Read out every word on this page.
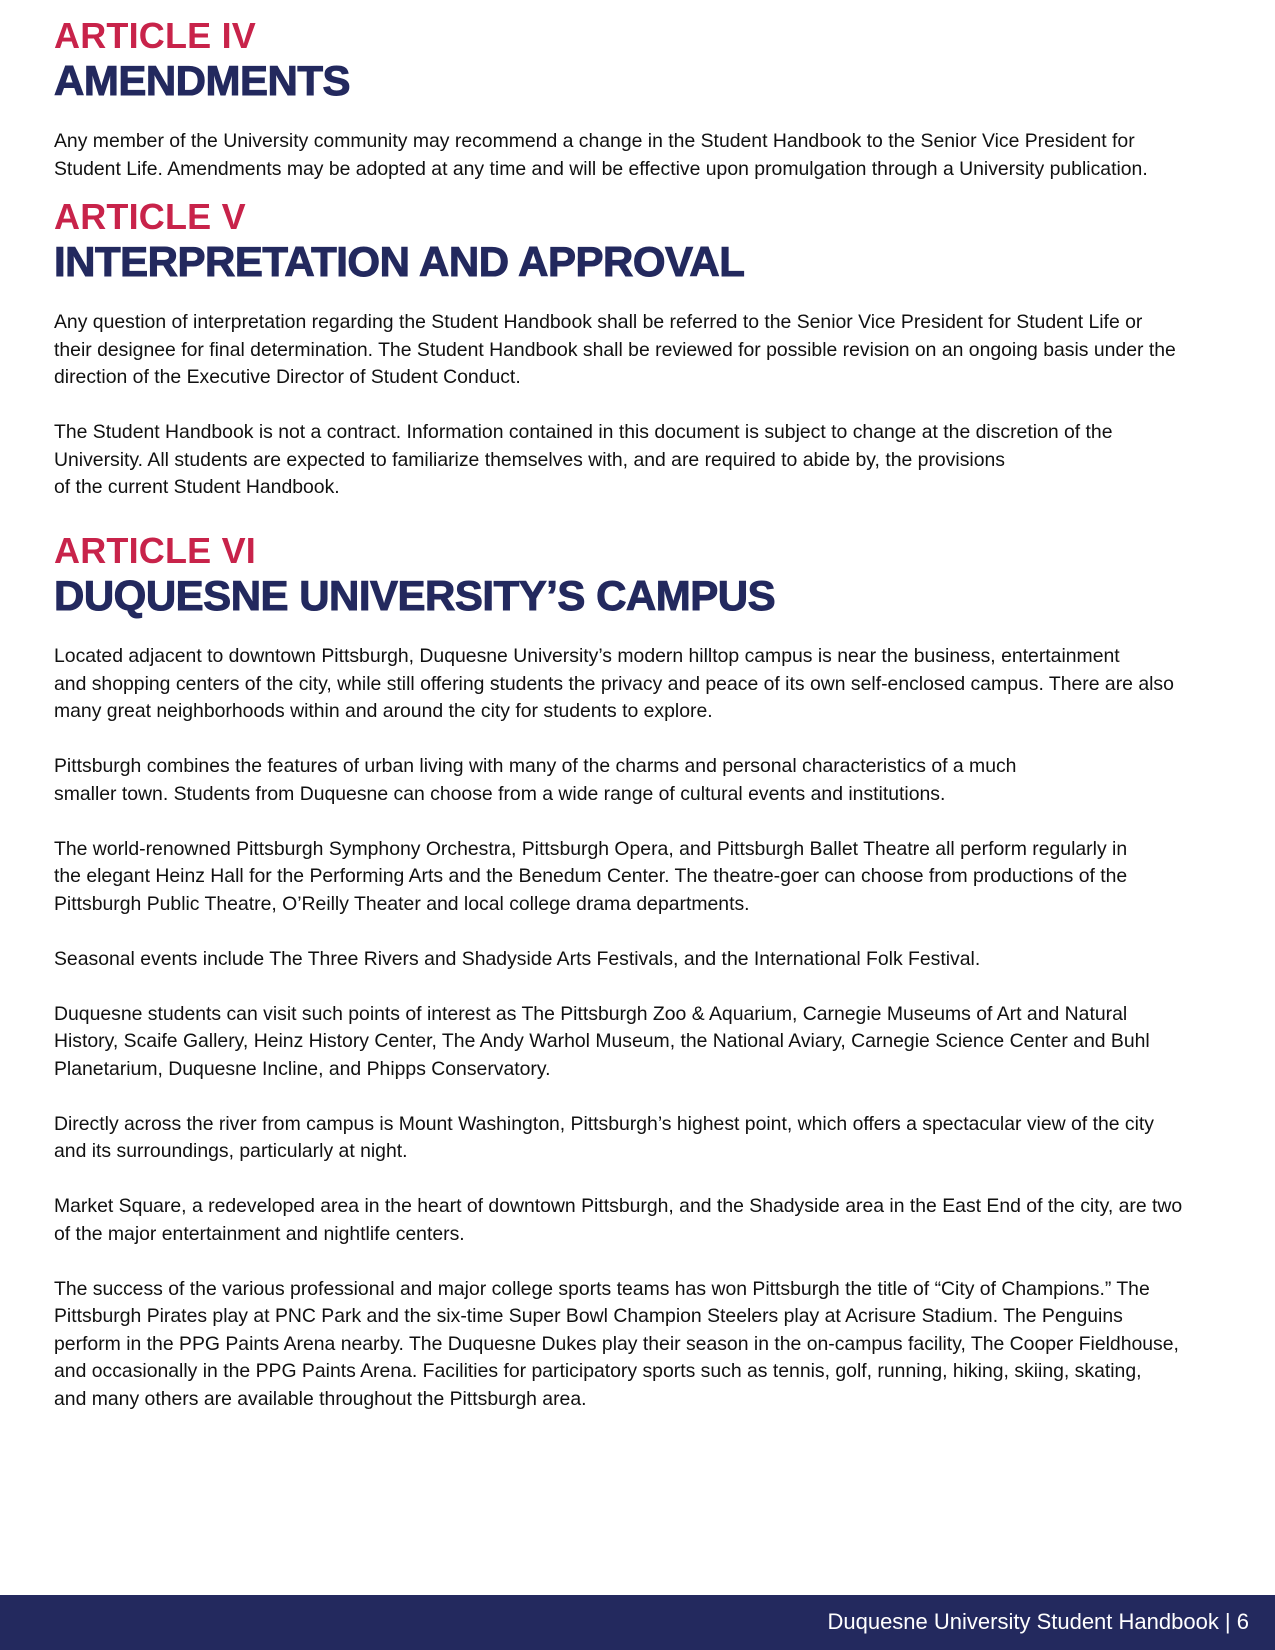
ARTICLE IV
AMENDMENTS

Any member of the University community may recommend a change in the Student Handbook to the Senior Vice President for
Student Life. Amendments may be adopted at any time and will be effective upon promulgation through a University publication.

ARTICLE V
INTERPRETATION AND APPROVAL

Any question of interpretation regarding the Student Handbook shall be referred to the Senior Vice President for Student Life or
their designee for final determination. The Student Handbook shall be reviewed for possible revision on an ongoing basis under the
direction of the Executive Director of Student Conduct.

The Student Handbook is not a contract. Information contained in this document is subject to change at the discretion of the
University. All students are expected to familiarize themselves with, and are required to abide by, the provisions
of the current Student Handbook.

ARTICLE VI
DUQUESNE UNIVERSITY’S CAMPUS

Located adjacent to downtown Pittsburgh, Duquesne University’s modern hilltop campus is near the business, entertainment
and shopping centers of the city, while still offering students the privacy and peace of its own self-enclosed campus. There are also
many great neighborhoods within and around the city for students to explore.

Pittsburgh combines the features of urban living with many of the charms and personal characteristics of a much
smaller town. Students from Duquesne can choose from a wide range of cultural events and institutions.

The world-renowned Pittsburgh Symphony Orchestra, Pittsburgh Opera, and Pittsburgh Ballet Theatre all perform regularly in
the elegant Heinz Hall for the Performing Arts and the Benedum Center. The theatre-goer can choose from productions of the
Pittsburgh Public Theatre, O’Reilly Theater and local college drama departments.

Seasonal events include The Three Rivers and Shadyside Arts Festivals, and the International Folk Festival.

Duquesne students can visit such points of interest as The Pittsburgh Zoo & Aquarium, Carnegie Museums of Art and Natural
History, Scaife Gallery, Heinz History Center, The Andy Warhol Museum, the National Aviary, Carnegie Science Center and Buhl
Planetarium, Duquesne Incline, and Phipps Conservatory.

Directly across the river from campus is Mount Washington, Pittsburgh’s highest point, which offers a spectacular view of the city
and its surroundings, particularly at night.

Market Square, a redeveloped area in the heart of downtown Pittsburgh, and the Shadyside area in the East End of the city, are two
of the major entertainment and nightlife centers.

The success of the various professional and major college sports teams has won Pittsburgh the title of “City of Champions.” The
Pittsburgh Pirates play at PNC Park and the six-time Super Bowl Champion Steelers play at Acrisure Stadium. The Penguins
perform in the PPG Paints Arena nearby. The Duquesne Dukes play their season in the on-campus facility, The Cooper Fieldhouse,
and occasionally in the PPG Paints Arena. Facilities for participatory sports such as tennis, golf, running, hiking, skiing, skating,
and many others are available throughout the Pittsburgh area.

Duquesne University Student Handbook | 6
